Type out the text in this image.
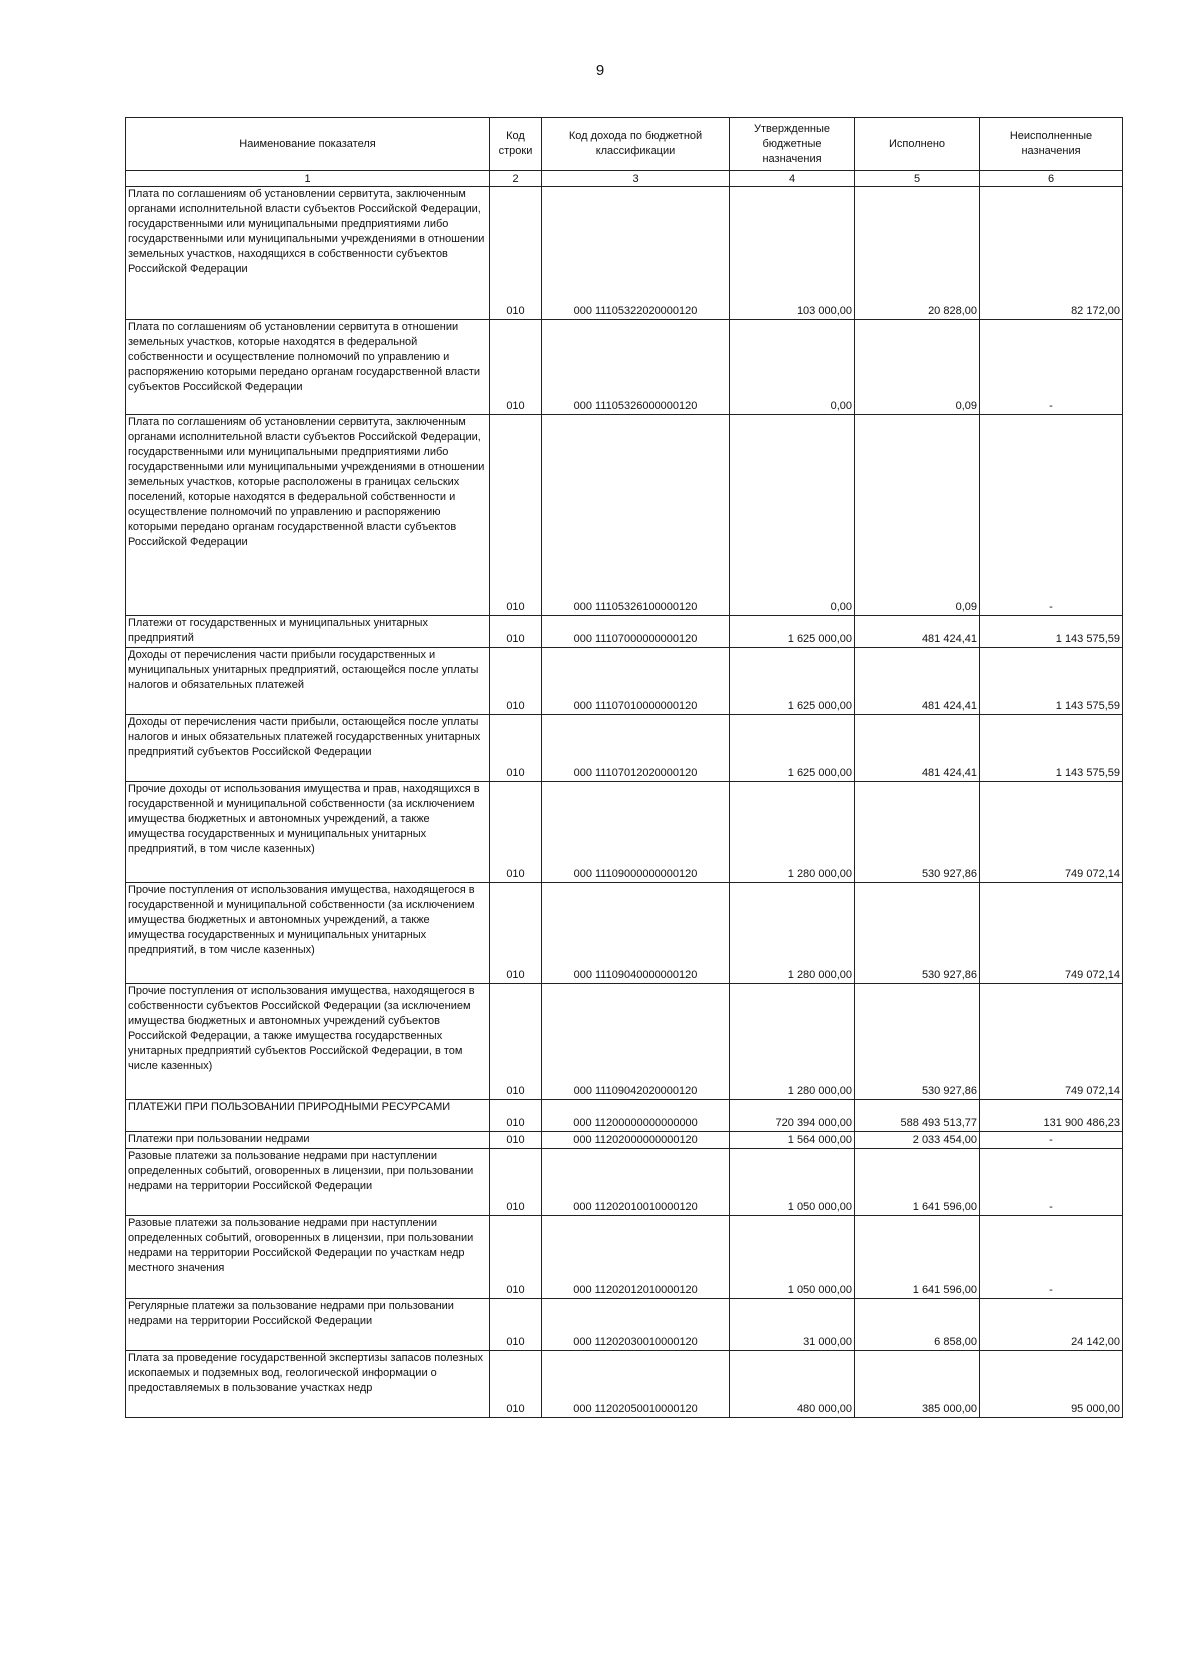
9
Наименование показателя	Код строки	Код дохода по бюджетной классификации	Утвержденные бюджетные назначения	Исполнено	Неисполненные назначения
1	2	3	4	5	6
Плата по соглашениям об установлении сервитута, заключенным органами исполнительной власти субъектов Российской Федерации, государственными или муниципальными предприятиями либо государственными или муниципальными учреждениями в отношении земельных участков, находящихся в собственности субъектов Российской Федерации	010	000 11105322020000120	103 000,00	20 828,00	82 172,00
Плата по соглашениям об установлении сервитута в отношении земельных участков, которые находятся в федеральной собственности и осуществление полномочий по управлению и распоряжению которыми передано органам государственной власти субъектов Российской Федерации	010	000 11105326000000120	0,00	0,09	-
Плата по соглашениям об установлении сервитута, заключенным органами исполнительной власти субъектов Российской Федерации, государственными или муниципальными предприятиями либо государственными или муниципальными учреждениями в отношении земельных участков, которые расположены в границах сельских поселений, которые находятся в федеральной собственности и осуществление полномочий по управлению и распоряжению которыми передано органам государственной власти субъектов Российской Федерации	010	000 11105326100000120	0,00	0,09	-
Платежи от государственных и муниципальных унитарных предприятий	010	000 11107000000000120	1 625 000,00	481 424,41	1 143 575,59
Доходы от перечисления части прибыли государственных и муниципальных унитарных предприятий, остающейся после уплаты налогов и обязательных платежей	010	000 11107010000000120	1 625 000,00	481 424,41	1 143 575,59
Доходы от перечисления части прибыли, остающейся после уплаты налогов и иных обязательных платежей государственных унитарных предприятий субъектов Российской Федерации	010	000 11107012020000120	1 625 000,00	481 424,41	1 143 575,59
Прочие доходы от использования имущества и прав, находящихся в государственной и муниципальной собственности (за исключением имущества бюджетных и автономных учреждений, а также имущества государственных и муниципальных унитарных предприятий, в том числе казенных)	010	000 11109000000000120	1 280 000,00	530 927,86	749 072,14
Прочие поступления от использования имущества, находящегося в государственной и муниципальной собственности (за исключением имущества бюджетных и автономных учреждений, а также имущества государственных и муниципальных унитарных предприятий, в том числе казенных)	010	000 11109040000000120	1 280 000,00	530 927,86	749 072,14
Прочие поступления от использования имущества, находящегося в собственности субъектов Российской Федерации (за исключением имущества бюджетных и автономных учреждений субъектов Российской Федерации, а также имущества государственных унитарных предприятий субъектов Российской Федерации, в том числе казенных)	010	000 11109042020000120	1 280 000,00	530 927,86	749 072,14
ПЛАТЕЖИ ПРИ ПОЛЬЗОВАНИИ ПРИРОДНЫМИ РЕСУРСАМИ	010	000 11200000000000000	720 394 000,00	588 493 513,77	131 900 486,23
Платежи при пользовании недрами	010	000 11202000000000120	1 564 000,00	2 033 454,00	-
Разовые платежи за пользование недрами при наступлении определенных событий, оговоренных в лицензии, при пользовании недрами на территории Российской Федерации	010	000 11202010010000120	1 050 000,00	1 641 596,00	-
Разовые платежи за пользование недрами при наступлении определенных событий, оговоренных в лицензии, при пользовании недрами на территории Российской Федерации по участкам недр местного значения	010	000 11202012010000120	1 050 000,00	1 641 596,00	-
Регулярные платежи за пользование недрами при пользовании недрами на территории Российской Федерации	010	000 11202030010000120	31 000,00	6 858,00	24 142,00
Плата за проведение государственной экспертизы запасов полезных ископаемых и подземных вод, геологической информации о предоставляемых в пользование участках недр	010	000 11202050010000120	480 000,00	385 000,00	95 000,00
